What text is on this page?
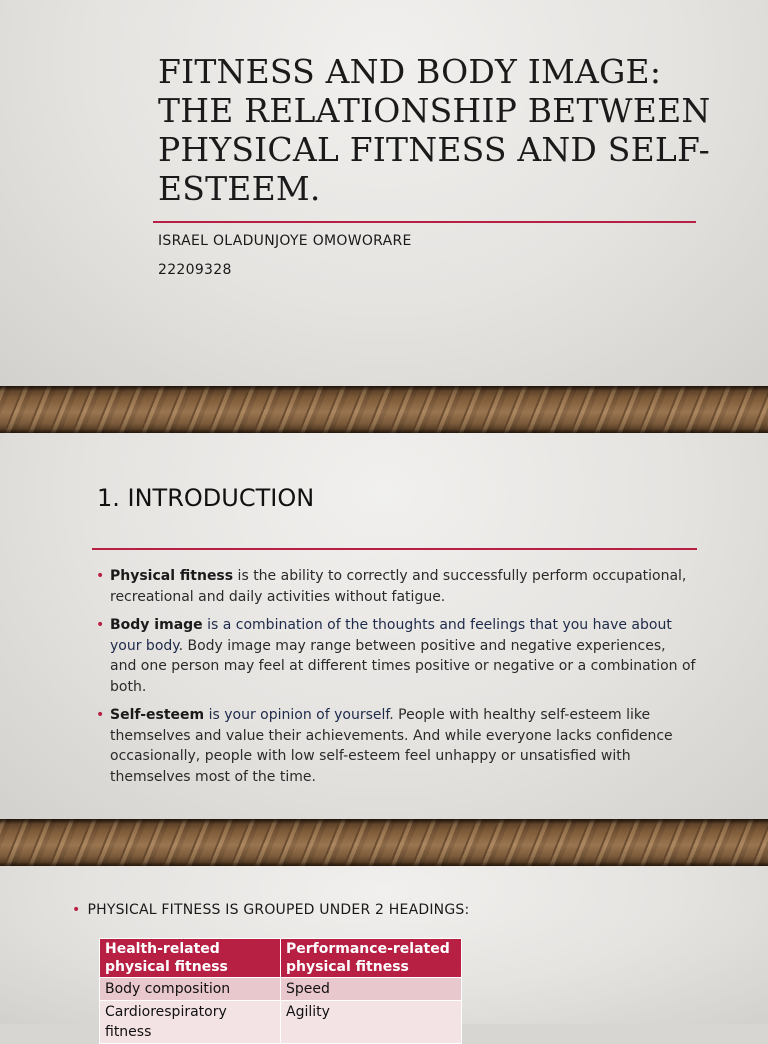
FITNESS AND BODY IMAGE: THE RELATIONSHIP BETWEEN PHYSICAL FITNESS AND SELF-ESTEEM.
ISRAEL OLADUNJOYE OMOWORARE
22209328
1. INTRODUCTION
• Physical fitness is the ability to correctly and successfully perform occupational, recreational and daily activities without fatigue.
• Body image is a combination of the thoughts and feelings that you have about your body. Body image may range between positive and negative experiences, and one person may feel at different times positive or negative or a combination of both.
• Self-esteem is your opinion of yourself. People with healthy self-esteem like themselves and value their achievements. And while everyone lacks confidence occasionally, people with low self-esteem feel unhappy or unsatisfied with themselves most of the time.
• PHYSICAL FITNESS IS GROUPED UNDER 2 HEADINGS:
Health-related physical fitness	Performance-related physical fitness
Body composition	Speed
Cardiorespiratory fitness	Agility
